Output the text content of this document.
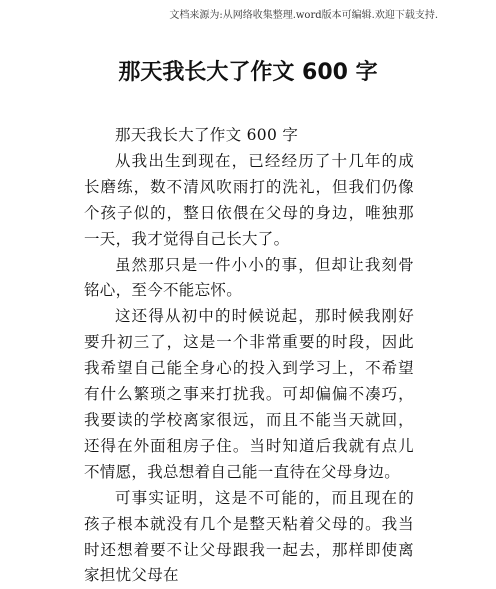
文档来源为:从网络收集整理.word版本可编辑.欢迎下载支持.
那天我长大了作文 600 字

那天我长大了作文 600 字

从我出生到现在，已经经历了十几年的成长磨练，数不清风吹雨打的洗礼，但我们仍像个孩子似的，整日依偎在父母的身边，唯独那一天，我才觉得自己长大了。

虽然那只是一件小小的事，但却让我刻骨铭心，至今不能忘怀。

这还得从初中的时候说起，那时候我刚好要升初三了，这是一个非常重要的时段，因此我希望自己能全身心的投入到学习上，不希望有什么繁琐之事来打扰我。可却偏偏不凑巧，我要读的学校离家很远，而且不能当天就回，还得在外面租房子住。当时知道后我就有点儿不情愿，我总想着自己能一直待在父母身边。

可事实证明，这是不可能的，而且现在的孩子根本就没有几个是整天粘着父母的。我当时还想着要不让父母跟我一起去，那样即使离家担忧父母在
